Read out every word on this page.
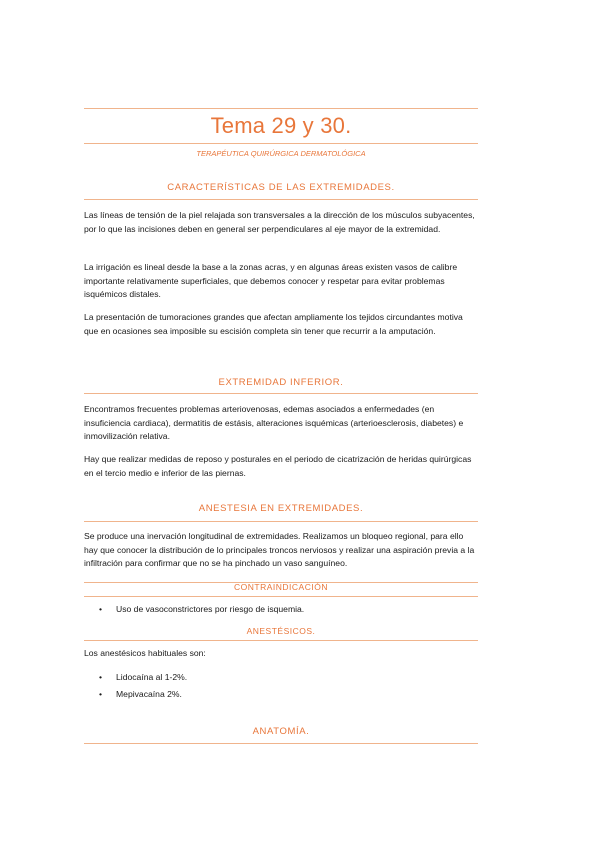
Tema 29 y 30.
TERAPÉUTICA QUIRÚRGICA DERMATOLÓGICA
CARACTERÍSTICAS DE LAS EXTREMIDADES.
Las líneas de tensión de la piel relajada son transversales a la dirección de los músculos subyacentes, por lo que las incisiones deben en general ser perpendiculares al eje mayor de la extremidad.
La irrigación es lineal desde la base a la zonas acras, y en algunas áreas existen vasos de calibre importante relativamente superficiales, que debemos conocer y respetar para evitar problemas isquémicos distales.
La presentación de tumoraciones grandes que afectan ampliamente los tejidos circundantes motiva que en ocasiones sea imposible su escisión completa sin tener que recurrir a la amputación.
EXTREMIDAD INFERIOR.
Encontramos frecuentes problemas arteriovenosas, edemas asociados a enfermedades (en insuficiencia cardiaca), dermatitis de estásis, alteraciones isquémicas (arterioesclerosis, diabetes) e inmovilización relativa.
Hay que realizar medidas de reposo y posturales en el periodo de cicatrización de heridas quirúrgicas en el tercio medio e inferior de las piernas.
ANESTESIA EN EXTREMIDADES.
Se produce una inervación longitudinal de extremidades. Realizamos un bloqueo regional, para ello hay que conocer la distribución de lo principales troncos nerviosos y realizar una aspiración previa a la infiltración para confirmar que no se ha pinchado un vaso sanguíneo.
CONTRAINDICACIÓN
• Uso de vasoconstrictores por riesgo de isquemia.
ANESTÉSICOS.
Los anestésicos habituales son:
• Lidocaína al 1-2%.
• Mepivacaína 2%.
ANATOMÍA.
